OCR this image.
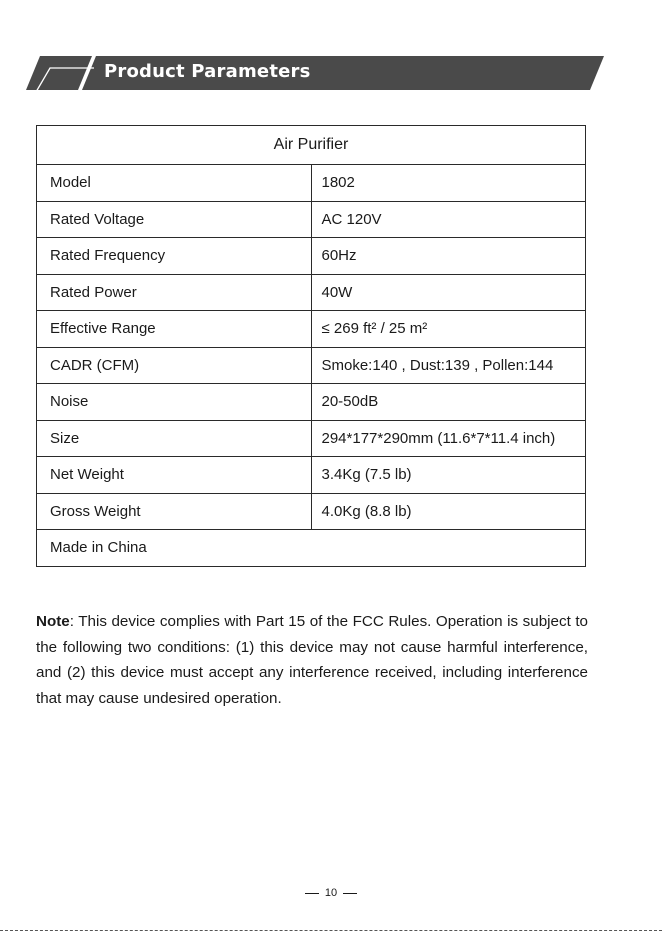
Product Parameters
Air Purifier	
Model	1802
Rated Voltage	AC 120V
Rated Frequency	60Hz
Rated Power	40W
Effective Range	≤ 269 ft² / 25 m²
CADR (CFM)	Smoke:140 , Dust:139 , Pollen:144
Noise	20-50dB
Size	294*177*290mm (11.6*7*11.4 inch)
Net Weight	3.4Kg (7.5 lb)
Gross Weight	4.0Kg (8.8 lb)
Made in China	
Note: This device complies with Part 15 of the FCC Rules. Operation is subject to the following two conditions: (1) this device may not cause harmful interference, and (2) this device must accept any interference received, including interference that may cause undesired operation.
10
